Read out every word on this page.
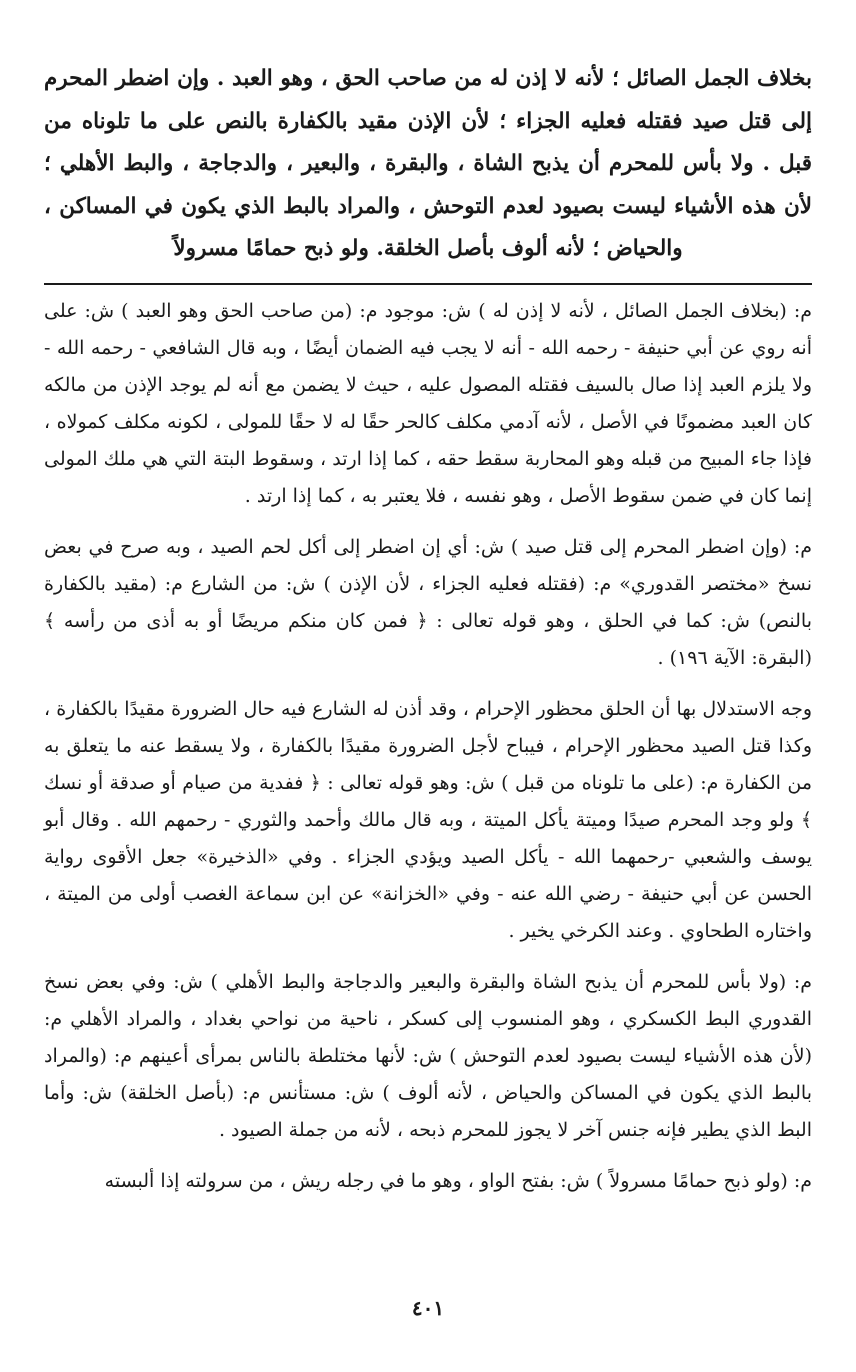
بخلاف الجمل الصائل ؛ لأنه لا إذن له من صاحب الحق ، وهو العبد . وإن اضطر المحرم إلى قتل صيد فقتله فعليه الجزاء ؛ لأن الإذن مقيد بالكفارة بالنص على ما تلوناه من قبل . ولا بأس للمحرم أن يذبح الشاة ، والبقرة ، والبعير ، والدجاجة ، والبط الأهلي ؛ لأن هذه الأشياء ليست بصيود لعدم التوحش ، والمراد بالبط الذي يكون في المساكن ، والحياض ؛ لأنه ألوف بأصل الخلقة. ولو ذبح حمامًا مسرولاً

م: (بخلاف الجمل الصائل ، لأنه لا إذن له ) ش: موجود م: (من صاحب الحق وهو العبد ) ش: على أنه روي عن أبي حنيفة - رحمه الله - أنه لا يجب فيه الضمان أيضًا ، وبه قال الشافعي - رحمه الله - ولا يلزم العبد إذا صال بالسيف فقتله المصول عليه ، حيث لا يضمن مع أنه لم يوجد الإذن من مالكه كان العبد مضمونًا في الأصل ، لأنه آدمي مكلف كالحر حقًا له لا حقًا للمولى ، لكونه مكلف كمولاه ، فإذا جاء المبيح من قبله وهو المحاربة سقط حقه ، كما إذا ارتد ، وسقوط البتة التي هي ملك المولى إنما كان في ضمن سقوط الأصل ، وهو نفسه ، فلا يعتبر به ، كما إذا ارتد .

م: (وإن اضطر المحرم إلى قتل صيد ) ش: أي إن اضطر إلى أكل لحم الصيد ، وبه صرح في بعض نسخ «مختصر القدوري» م: (فقتله فعليه الجزاء ، لأن الإذن ) ش: من الشارع م: (مقيد بالكفارة بالنص) ش: كما في الحلق ، وهو قوله تعالى : ﴿ فمن كان منكم مريضًا أو به أذى من رأسه ﴾ (البقرة: الآية ١٩٦) .

وجه الاستدلال بها أن الحلق محظور الإحرام ، وقد أذن له الشارع فيه حال الضرورة مقيدًا بالكفارة ، وكذا قتل الصيد محظور الإحرام ، فيباح لأجل الضرورة مقيدًا بالكفارة ، ولا يسقط عنه ما يتعلق به من الكفارة م: (على ما تلوناه من قبل ) ش: وهو قوله تعالى : ﴿ ففدية من صيام أو صدقة أو نسك ﴾ ولو وجد المحرم صيدًا وميتة يأكل الميتة ، وبه قال مالك وأحمد والثوري - رحمهم الله . وقال أبو يوسف والشعبي -رحمهما الله - يأكل الصيد ويؤدي الجزاء . وفي «الذخيرة» جعل الأقوى رواية الحسن عن أبي حنيفة - رضي الله عنه - وفي «الخزانة» عن ابن سماعة الغصب أولى من الميتة ، واختاره الطحاوي . وعند الكرخي يخير .

م: (ولا بأس للمحرم أن يذبح الشاة والبقرة والبعير والدجاجة والبط الأهلي ) ش: وفي بعض نسخ القدوري البط الكسكري ، وهو المنسوب إلى كسكر ، ناحية من نواحي بغداد ، والمراد الأهلي م: (لأن هذه الأشياء ليست بصيود لعدم التوحش ) ش: لأنها مختلطة بالناس بمرأى أعينهم م: (والمراد بالبط الذي يكون في المساكن والحياض ، لأنه ألوف ) ش: مستأنس م: (بأصل الخلقة) ش: وأما البط الذي يطير فإنه جنس آخر لا يجوز للمحرم ذبحه ، لأنه من جملة الصيود .

م: (ولو ذبح حمامًا مسرولاً ) ش: بفتح الواو ، وهو ما في رجله ريش ، من سرولته إذا ألبسته

٤٠١
